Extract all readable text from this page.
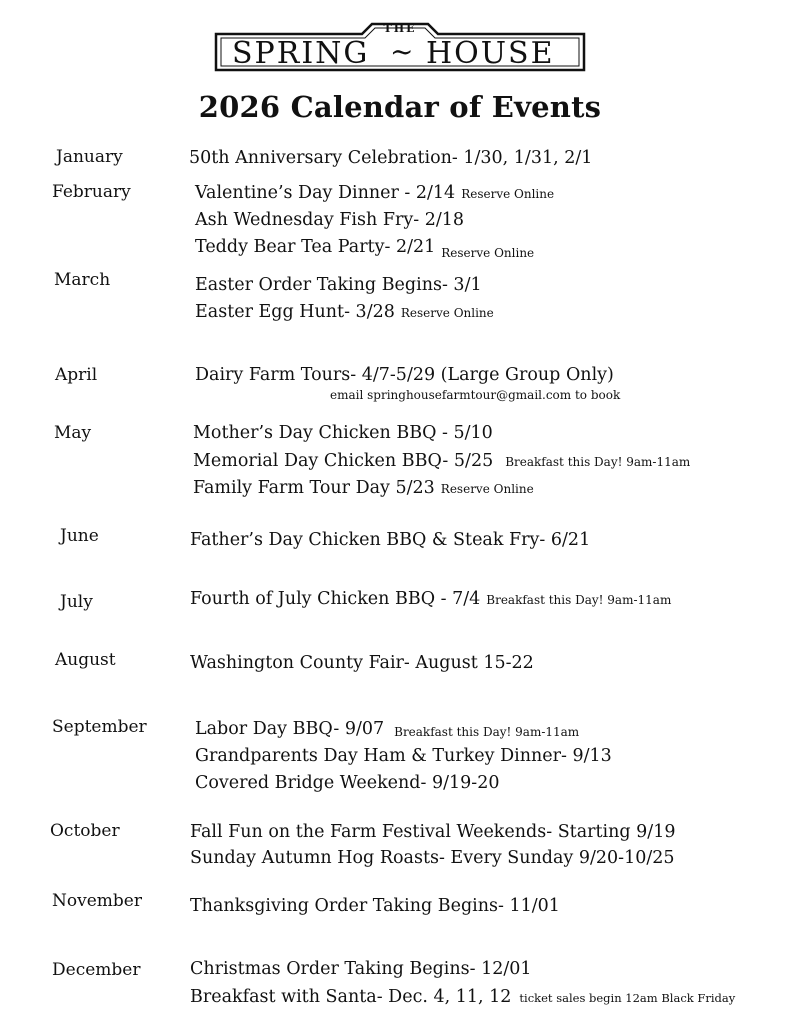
THE
SPRING ~ HOUSE
2026 Calendar of Events
January
February
March
April
May
June
July
August
September
October
November
December
50th Anniversary Celebration- 1/30, 1/31, 2/1
Valentine’s Day Dinner - 2/14 Reserve Online
Ash Wednesday Fish Fry- 2/18
Teddy Bear Tea Party- 2/21 $_{Reserve Online}$
Easter Order Taking Begins- 3/1
Easter Egg Hunt- 3/28 Reserve Online
Dairy Farm Tours- 4/7-5/29 (Large Group Only)
email springhousefarmtour@gmail.com to book
Mother’s Day Chicken BBQ - 5/10
Memorial Day Chicken BBQ- 5/25 Breakfast this Day! 9am-11am
Family Farm Tour Day 5/23 Reserve Online
Father’s Day Chicken BBQ & Steak Fry- 6/21
Fourth of July Chicken BBQ - 7/4 Breakfast this Day! 9am-11am
Washington County Fair- August 15-22
Labor Day BBQ- 9/07 Breakfast this Day! 9am-11am
Grandparents Day Ham & Turkey Dinner- 9/13
Covered Bridge Weekend- 9/19-20
Fall Fun on the Farm Festival Weekends- Starting 9/19
Sunday Autumn Hog Roasts- Every Sunday 9/20-10/25
Thanksgiving Order Taking Begins- 11/01
Christmas Order Taking Begins- 12/01
Breakfast with Santa- Dec. 4, 11, 12 ticket sales begin 12am Black Friday
